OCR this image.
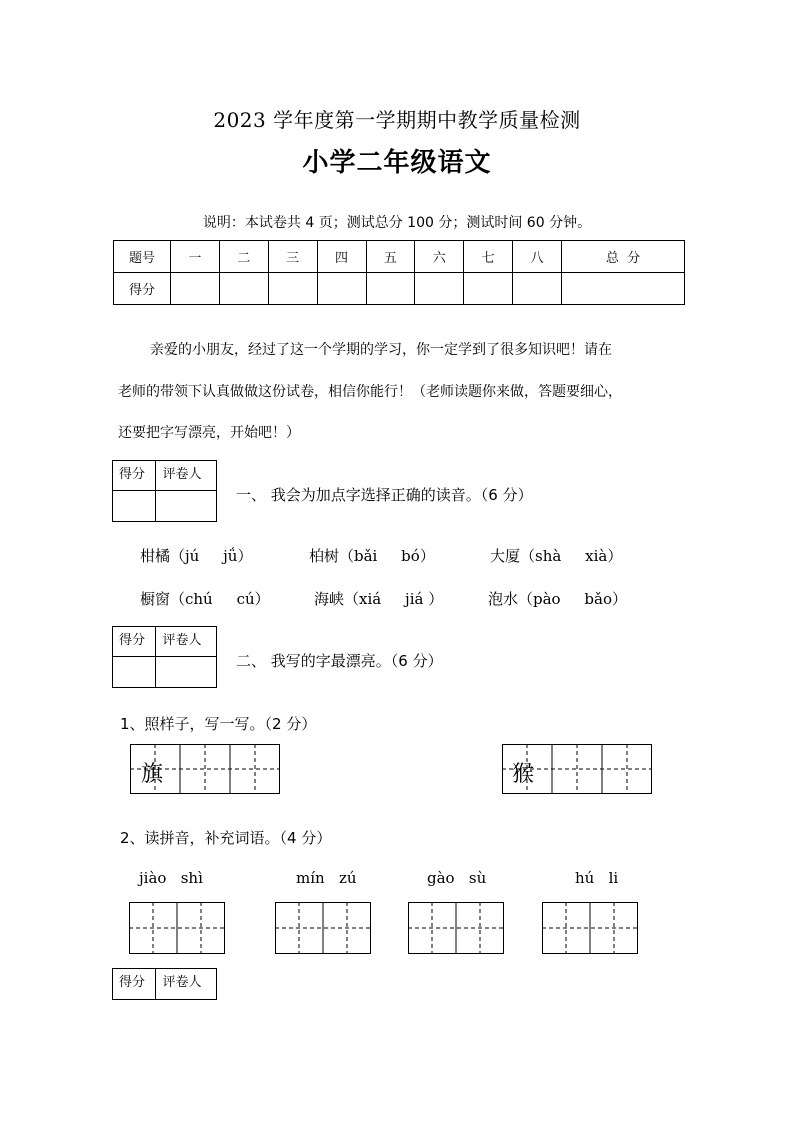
2023 学年度第一学期期中教学质量检测
小学二年级语文
说明：本试卷共 4 页；测试总分 100 分；测试时间 60 分钟。
题号	一	二	三	四	五	六	七	八	总  分
得分									
亲爱的小朋友，经过了这一个学期的学习，你一定学到了很多知识吧！请在
老师的带领下认真做做这份试卷，相信你能行！（老师读题你来做，答题要细心，
还要把字写漂亮，开始吧！）
得分	评卷人

一、 我会为加点字选择正确的读音。（6 分）
柑橘（jú     jǘ）	柏树（bǎi     bó）	大厦（shà     xià）
橱窗（chú     cú）	海峡（xiá     jiá ）	泡水（pào     bǎo）
得分	评卷人

二、 我写的字最漂亮。（6 分）
1、照样子，写一写。（2 分）
旗	猴
2、读拼音，补充词语。（4 分）
jiào   shì	mín   zú	gào   sù	hú   li
得分	评卷人
